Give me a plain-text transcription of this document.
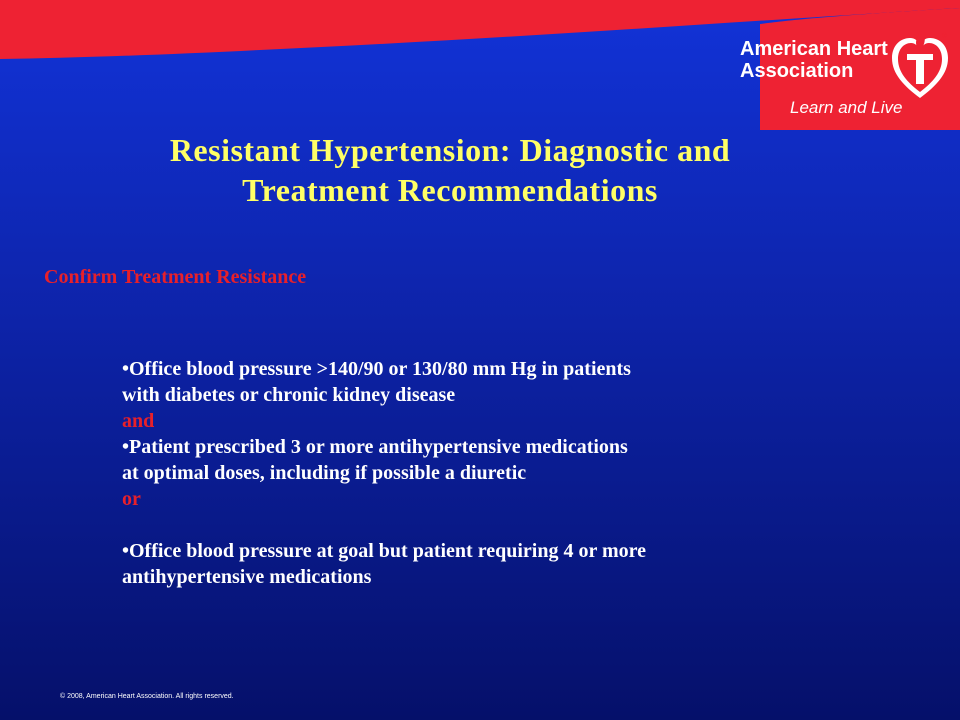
American Heart
Association
Learn and Live
®
Resistant Hypertension: Diagnostic and
Treatment Recommendations
Confirm Treatment Resistance
•Office blood pressure >140/90 or 130/80 mm Hg in patients
with diabetes or chronic kidney disease
and
•Patient prescribed 3 or more antihypertensive medications
at optimal doses, including if possible a diuretic
or
•Office blood pressure at goal but patient requiring 4 or more
antihypertensive medications
© 2008, American Heart Association. All rights reserved.
